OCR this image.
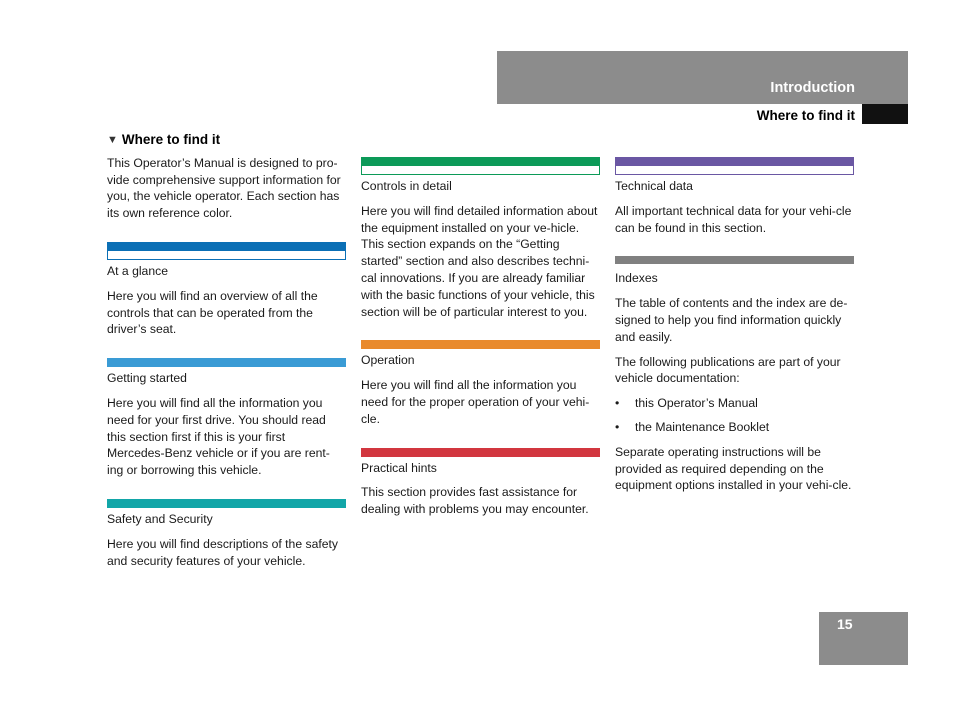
Introduction
Where to find it
▼ Where to find it

This Operator’s Manual is designed to pro-vide comprehensive support information for you, the vehicle operator. Each section has its own reference color.

At a glance

Here you will find an overview of all the controls that can be operated from the driver’s seat.

Getting started

Here you will find all the information you need for your first drive. You should read this section first if this is your first Mercedes-Benz vehicle or if you are rent-ing or borrowing this vehicle.

Safety and Security

Here you will find descriptions of the safety and security features of your vehicle.

Controls in detail

Here you will find detailed information about the equipment installed on your ve-hicle. This section expands on the “Getting started” section and also describes techni-cal innovations. If you are already familiar with the basic functions of your vehicle, this section will be of particular interest to you.

Operation

Here you will find all the information you need for the proper operation of your vehi-cle.

Practical hints

This section provides fast assistance for dealing with problems you may encounter.

Technical data

All important technical data for your vehi-cle can be found in this section.

Indexes

The table of contents and the index are de-signed to help you find information quickly and easily.

The following publications are part of your vehicle documentation:

• this Operator’s Manual
• the Maintenance Booklet

Separate operating instructions will be provided as required depending on the equipment options installed in your vehi-cle.

15
